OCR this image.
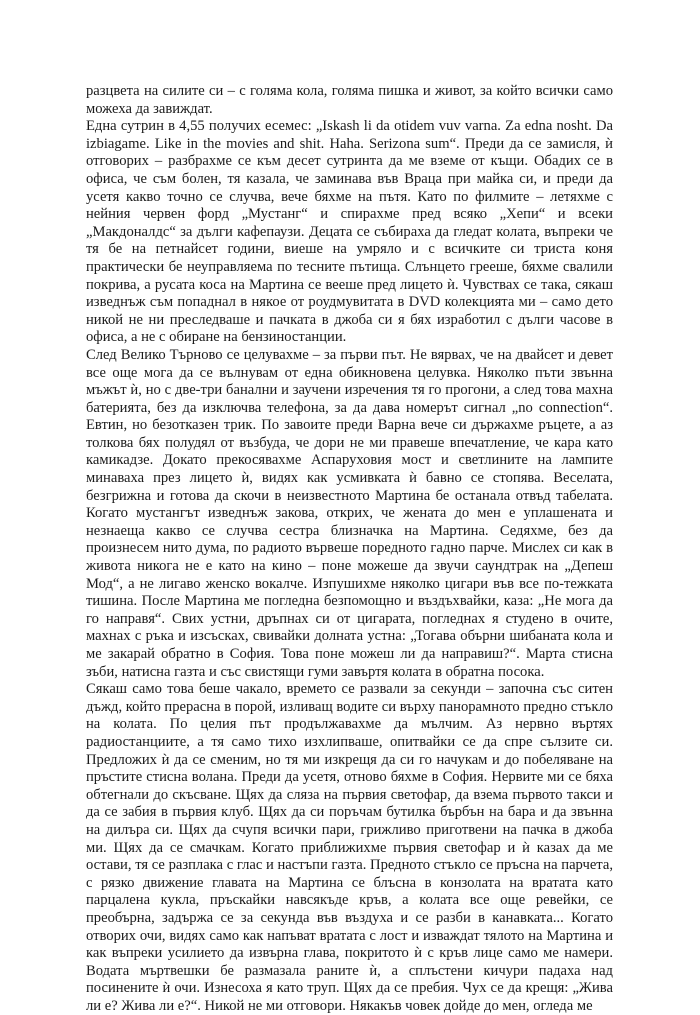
разцвета на силите си – с голяма кола, голяма пишка и живот, за който всички само можеха да завиждат.

Една сутрин в 4,55 получих есемес: „Iskash li da otidem vuv varna. Za edna nosht. Da izbiagame. Like in the movies and shit. Haha. Serizona sum“. Преди да се замисля, ѝ отговорих – разбрахме се към десет сутринта да ме вземе от къщи. Обадих се в офиса, че съм болен, тя казала, че заминава във Враца при майка си, и преди да усетя какво точно се случва, вече бяхме на пътя. Като по филмите – летяхме с нейния червен форд „Мустанг“ и спирахме пред всяко „Хепи“ и всеки „Макдоналдс“ за дълги кафепаузи. Децата се събираха да гледат колата, въпреки че тя бе на петнайсет години, виеше на умряло и с всичките си триста коня практически бе неуправляема по тесните пътища. Слънцето грееше, бяхме свалили покрива, а русата коса на Мартина се вееше пред лицето ѝ. Чувствах се така, сякаш изведнъж съм попаднал в някое от роудмувитата в DVD колекцията ми – само дето никой не ни преследваше и пачката в джоба си я бях изработил с дълги часове в офиса, а не с обиране на бензиностанции.

След Велико Търново се целувахме – за първи път. Не вярвах, че на двайсет и девет все още мога да се вълнувам от една обикновена целувка. Няколко пъти звънна мъжът ѝ, но с две-три банални и заучени изречения тя го прогони, а след това махна батерията, без да изключва телефона, за да дава номерът сигнал „no connection“. Евтин, но безотказен трик. По завоите преди Варна вече си държахме ръцете, а аз толкова бях полудял от възбуда, че дори не ми правеше впечатление, че кара като камикадзе. Докато прекосявахме Аспаруховия мост и светлините на лампите минаваха през лицето ѝ, видях как усмивката ѝ бавно се стопява. Веселата, безгрижна и готова да скочи в неизвестното Мартина бе останала отвъд табелата. Когато мустангът изведнъж закова, открих, че жената до мен е уплашената и незнаеща какво се случва сестра близначка на Мартина. Седяхме, без да произнесем нито дума, по радиото вървеше поредното гадно парче. Мислех си как в живота никога не е като на кино – поне можеше да звучи саундтрак на „Депеш Мод“, а не лигаво женско вокалче. Изпушихме няколко цигари във все по-тежката тишина. После Мартина ме погледна безпомощно и въздъхвайки, каза: „Не мога да го направя“. Свих устни, дръпнах си от цигарата, погледнах я студено в очите, махнах с ръка и изсъсках, свивайки долната устна: „Тогава обърни шибаната кола и ме закарай обратно в София. Това поне можеш ли да направиш?“. Марта стисна зъби, натисна газта и със свистящи гуми завъртя колата в обратна посока.

Сякаш само това беше чакало, времето се развали за секунди – започна със ситен дъжд, който прерасна в порой, изливащ водите си върху панорамното предно стъкло на колата. По целия път продължавахме да мълчим. Аз нервно въртях радиостанциите, а тя само тихо изхлипваше, опитвайки се да спре сълзите си. Предложих ѝ да се сменим, но тя ми изкрещя да си го начукам и до побеляване на пръстите стисна волана. Преди да усетя, отново бяхме в София. Нервите ми се бяха обтегнали до скъсване. Щях да сляза на първия светофар, да взема първото такси и да се забия в първия клуб. Щях да си поръчам бутилка бърбън на бара и да звънна на дилъра си. Щях да счупя всички пари, грижливо приготвени на пачка в джоба ми. Щях да се смачкам. Когато приближихме първия светофар и ѝ казах да ме остави, тя се разплака с глас и настъпи газта. Предното стъкло се пръсна на парчета, с рязко движение главата на Мартина се блъсна в конзолата на вратата като парцалена кукла, пръскайки навсякъде кръв, а колата все още ревейки, се преобърна, задържа се за секунда във въздуха и се разби в канавката... Когато отворих очи, видях само как напъват вратата с лост и изваждат тялото на Мартина и как въпреки усилието да извърна глава, покритото ѝ с кръв лице само ме намери. Водата мъртвешки бе размазала раните ѝ, а сплъстени кичури падаха над посинените ѝ очи. Изнесоха я като труп. Щях да се пребия. Чух се да крещя: „Жива ли е? Жива ли е?“. Никой не ми отговори. Някакъв човек дойде до мен, огледа ме
